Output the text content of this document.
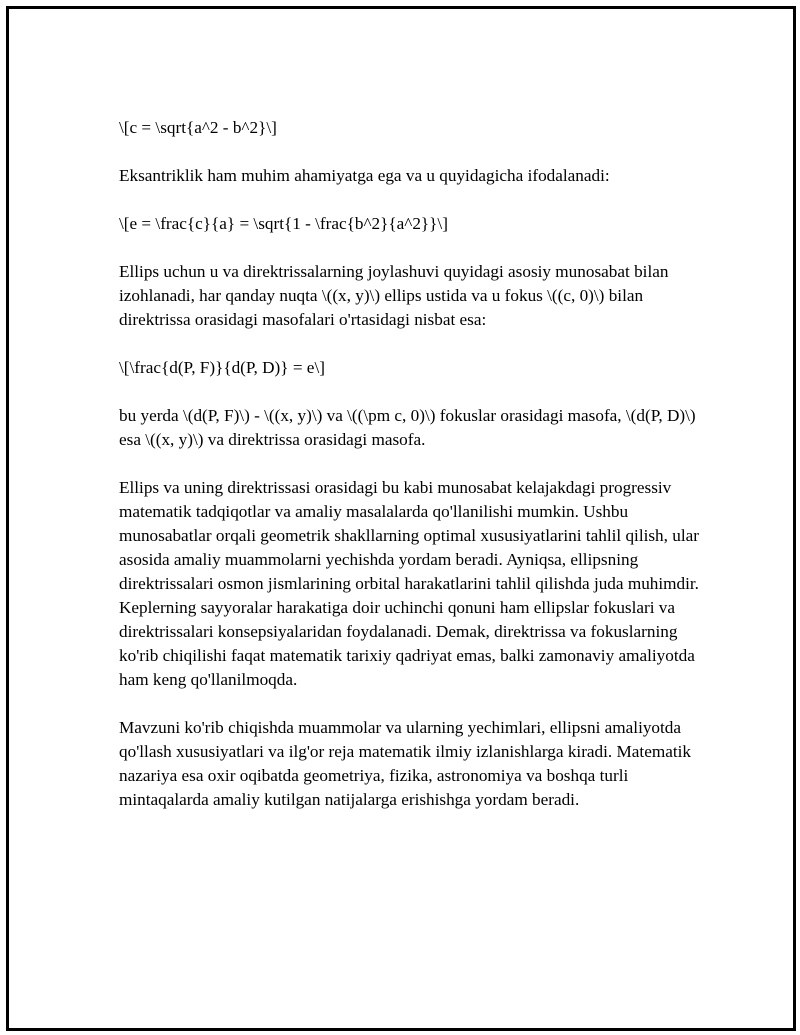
\[c = \sqrt{a^2 - b^2}\]

Eksantriklik ham muhim ahamiyatga ega va u quyidagicha ifodalanadi:

\[e = \frac{c}{a} = \sqrt{1 - \frac{b^2}{a^2}}\]

Ellips uchun u va direktrissalarning joylashuvi quyidagi asosiy munosabat bilan izohlanadi, har qanday nuqta \((x, y)\) ellips ustida va u fokus \((c, 0)\) bilan direktrissa orasidagi masofalari o'rtasidagi nisbat esa:

\[\frac{d(P, F)}{d(P, D)} = e\]

bu yerda \(d(P, F)\) - \((x, y)\) va \((\pm c, 0)\) fokuslar orasidagi masofa, \(d(P, D)\) esa \((x, y)\) va direktrissa orasidagi masofa.

Ellips va uning direktrissasi orasidagi bu kabi munosabat kelajakdagi progressiv matematik tadqiqotlar va amaliy masalalarda qo'llanilishi mumkin. Ushbu munosabatlar orqali geometrik shakllarning optimal xususiyatlarini tahlil qilish, ular asosida amaliy muammolarni yechishda yordam beradi. Ayniqsa, ellipsning direktrissalari osmon jismlarining orbital harakatlarini tahlil qilishda juda muhimdir. Keplerning sayyoralar harakatiga doir uchinchi qonuni ham ellipslar fokuslari va direktrissalari konsepsiyalaridan foydalanadi. Demak, direktrissa va fokuslarning ko'rib chiqilishi faqat matematik tarixiy qadriyat emas, balki zamonaviy amaliyotda ham keng qo'llanilmoqda.

Mavzuni ko'rib chiqishda muammolar va ularning yechimlari, ellipsni amaliyotda qo'llash xususiyatlari va ilg'or reja matematik ilmiy izlanishlarga kiradi. Matematik nazariya esa oxir oqibatda geometriya, fizika, astronomiya va boshqa turli mintaqalarda amaliy kutilgan natijalarga erishishga yordam beradi.
